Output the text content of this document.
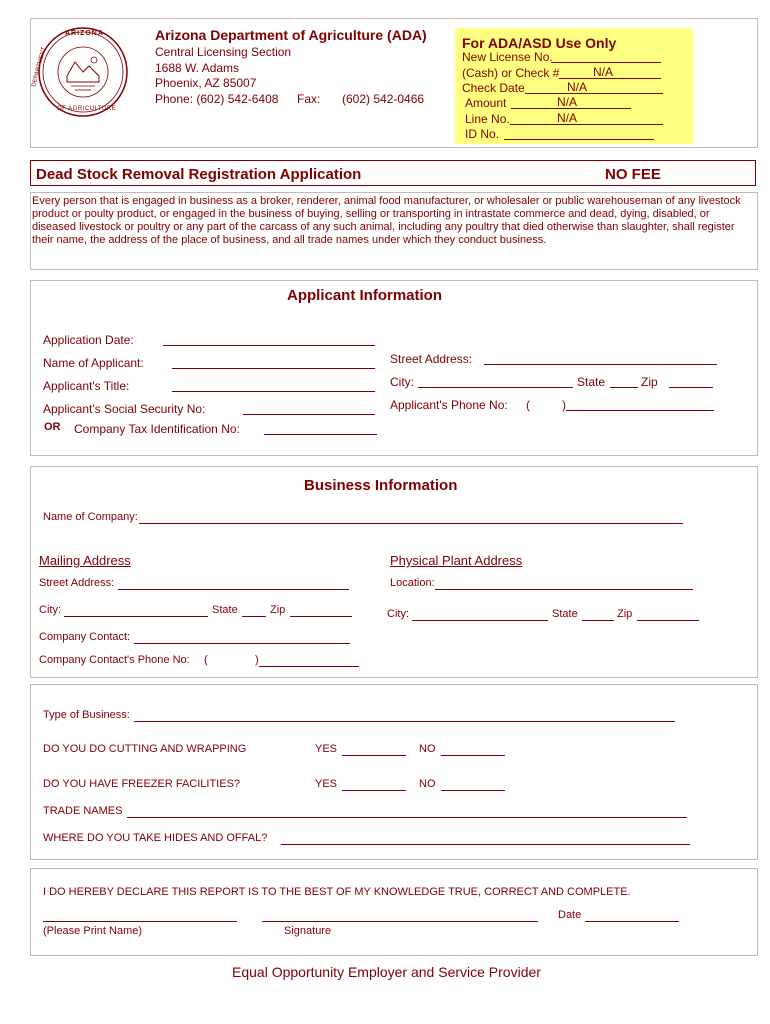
ARIZONA
DEPARTMENT
OF AGRICULTURE
Arizona Department of Agriculture (ADA)
Central Licensing Section
1688 W. Adams
Phoenix, AZ 85007
Phone: (602) 542-6408 Fax: (602) 542-0466
For ADA/ASD Use Only
New License No.
(Cash) or Check #	N/A
Check Date	N/A
Amount	N/A
Line No.	N/A
ID No.
Dead Stock Removal Registration Application	NO FEE
Every person that is engaged in business as a broker, renderer, animal food manufacturer, or wholesaler or public warehouseman of any livestock product or poulty product, or engaged in the business of buying, selling or transporting in intrastate commerce and dead, dying, disabled, or diseased livestock or poultry or any part of the carcass of any such animal, including any poultry that died otherwise than slaughter, shall register their name, the address of the place of business, and all trade names under which they conduct business.
Applicant Information
Application Date:
Name of Applicant:
Applicant's Title:
Applicant's Social Security No:
OR Company Tax Identification No:
Street Address:
City:	State	Zip
Applicant's Phone No: (	)
Business Information
Name of Company:
Mailing Address	Physical Plant Address
Street Address:	Location:
City:	State	Zip	City:	State	Zip
Company Contact:
Company Contact's Phone No: (	)
Type of Business:
DO YOU DO CUTTING AND WRAPPING	YES	NO
DO YOU HAVE FREEZER FACILITIES?	YES	NO
TRADE NAMES
WHERE DO YOU TAKE HIDES AND OFFAL?
I DO HEREBY DECLARE THIS REPORT IS TO THE BEST OF MY KNOWLEDGE TRUE, CORRECT AND COMPLETE.
Date
(Please Print Name)	Signature
Equal Opportunity Employer and Service Provider
